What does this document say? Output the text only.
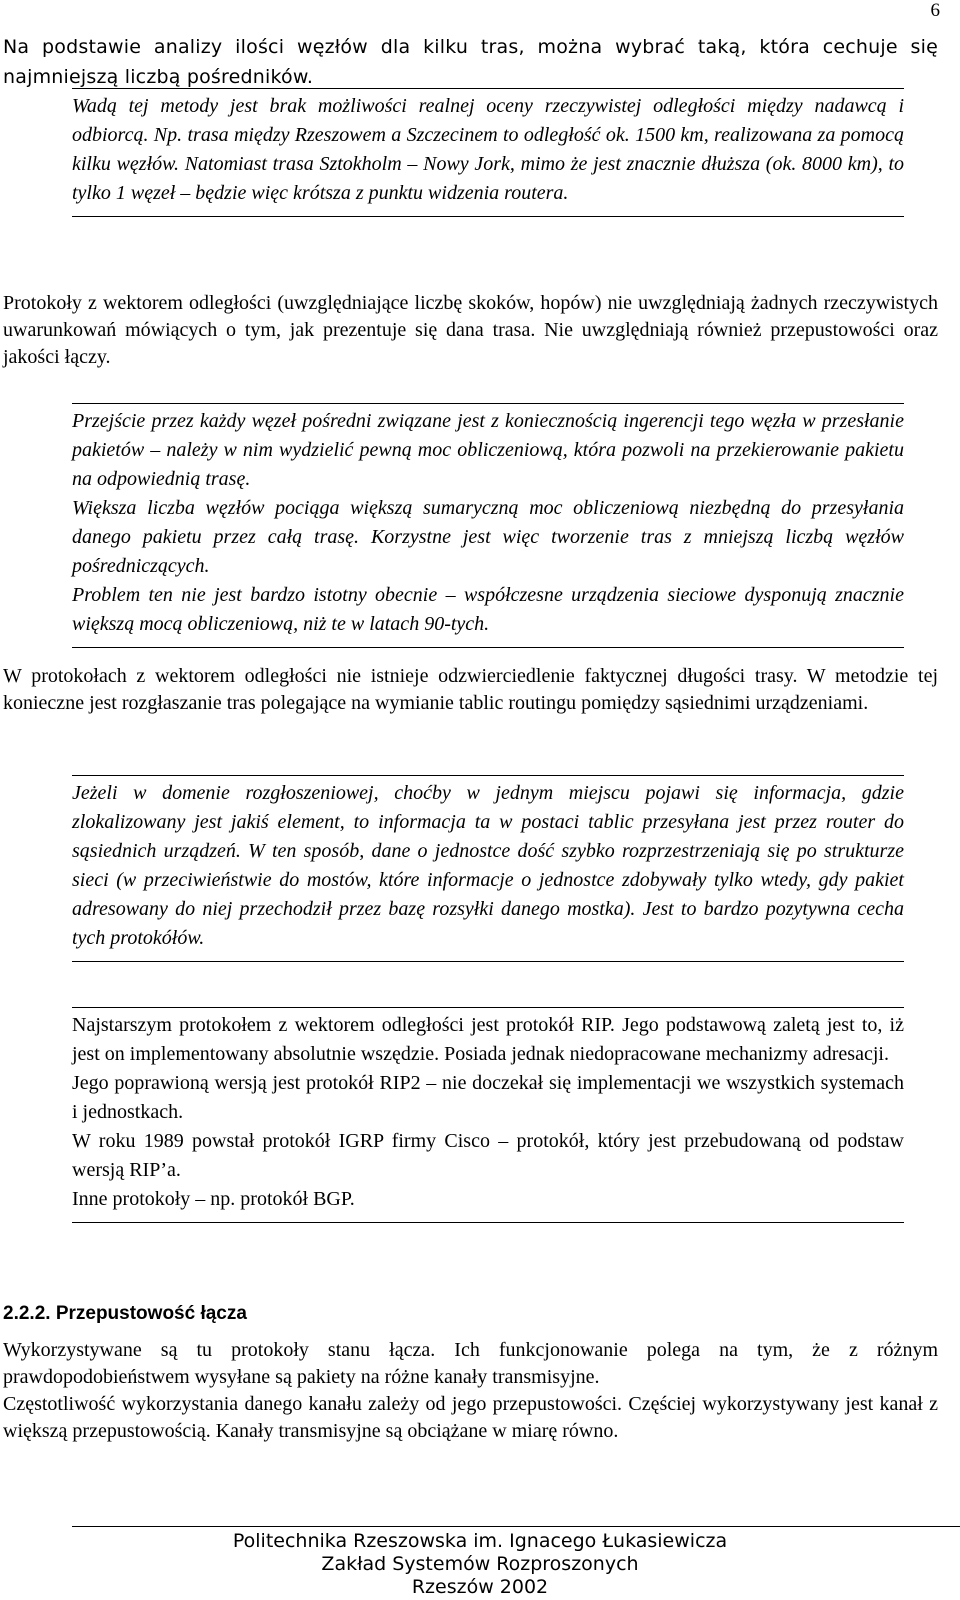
6

Na podstawie analizy ilości węzłów dla kilku tras, można wybrać taką, która cechuje się najmniejszą liczbą pośredników.

Wadą tej metody jest brak możliwości realnej oceny rzeczywistej odległości między nadawcą i odbiorcą. Np. trasa między Rzeszowem a Szczecinem to odległość ok. 1500 km, realizowana za pomocą kilku węzłów. Natomiast trasa Sztokholm – Nowy Jork, mimo że jest znacznie dłuższa (ok. 8000 km), to tylko 1 węzeł – będzie więc krótsza z punktu widzenia routera.

Protokoły z wektorem odległości (uwzględniające liczbę skoków, hopów) nie uwzględniają żadnych rzeczywistych uwarunkowań mówiących o tym, jak prezentuje się dana trasa. Nie uwzględniają również przepustowości oraz jakości łączy.

Przejście przez każdy węzeł pośredni związane jest z koniecznością ingerencji tego węzła w przesłanie pakietów – należy w nim wydzielić pewną moc obliczeniową, która pozwoli na przekierowanie pakietu na odpowiednią trasę.

Większa liczba węzłów pociąga większą sumaryczną moc obliczeniową niezbędną do przesyłania danego pakietu przez całą trasę. Korzystne jest więc tworzenie tras z mniejszą liczbą węzłów pośredniczących.

Problem ten nie jest bardzo istotny obecnie – współczesne urządzenia sieciowe dysponują znacznie większą mocą obliczeniową, niż te w latach 90-tych.

W protokołach z wektorem odległości nie istnieje odzwierciedlenie faktycznej długości trasy. W metodzie tej konieczne jest rozgłaszanie tras polegające na wymianie tablic routingu pomiędzy sąsiednimi urządzeniami.

Jeżeli w domenie rozgłoszeniowej, choćby w jednym miejscu pojawi się informacja, gdzie zlokalizowany jest jakiś element, to informacja ta w postaci tablic przesyłana jest przez router do sąsiednich urządzeń. W ten sposób, dane o jednostce dość szybko rozprzestrzeniają się po strukturze sieci (w przeciwieństwie do mostów, które informacje o jednostce zdobywały tylko wtedy, gdy pakiet adresowany do niej przechodził przez bazę rozsyłki danego mostka). Jest to bardzo pozytywna cecha tych protokółów.

Najstarszym protokołem z wektorem odległości jest protokół RIP. Jego podstawową zaletą jest to, iż jest on implementowany absolutnie wszędzie. Posiada jednak niedopracowane mechanizmy adresacji.

Jego poprawioną wersją jest protokół RIP2 – nie doczekał się implementacji we wszystkich systemach i jednostkach.

W roku 1989 powstał protokół IGRP firmy Cisco – protokół, który jest przebudowaną od podstaw wersją RIP’a.

Inne protokoły – np. protokół BGP.

2.2.2. Przepustowość łącza

Wykorzystywane są tu protokoły stanu łącza. Ich funkcjonowanie polega na tym, że z różnym prawdopodobieństwem wysyłane są pakiety na różne kanały transmisyjne.

Częstotliwość wykorzystania danego kanału zależy od jego przepustowości. Częściej wykorzystywany jest kanał z większą przepustowością. Kanały transmisyjne są obciążane w miarę równo.

Politechnika Rzeszowska im. Ignacego Łukasiewicza
Zakład Systemów Rozproszonych
Rzeszów 2002
